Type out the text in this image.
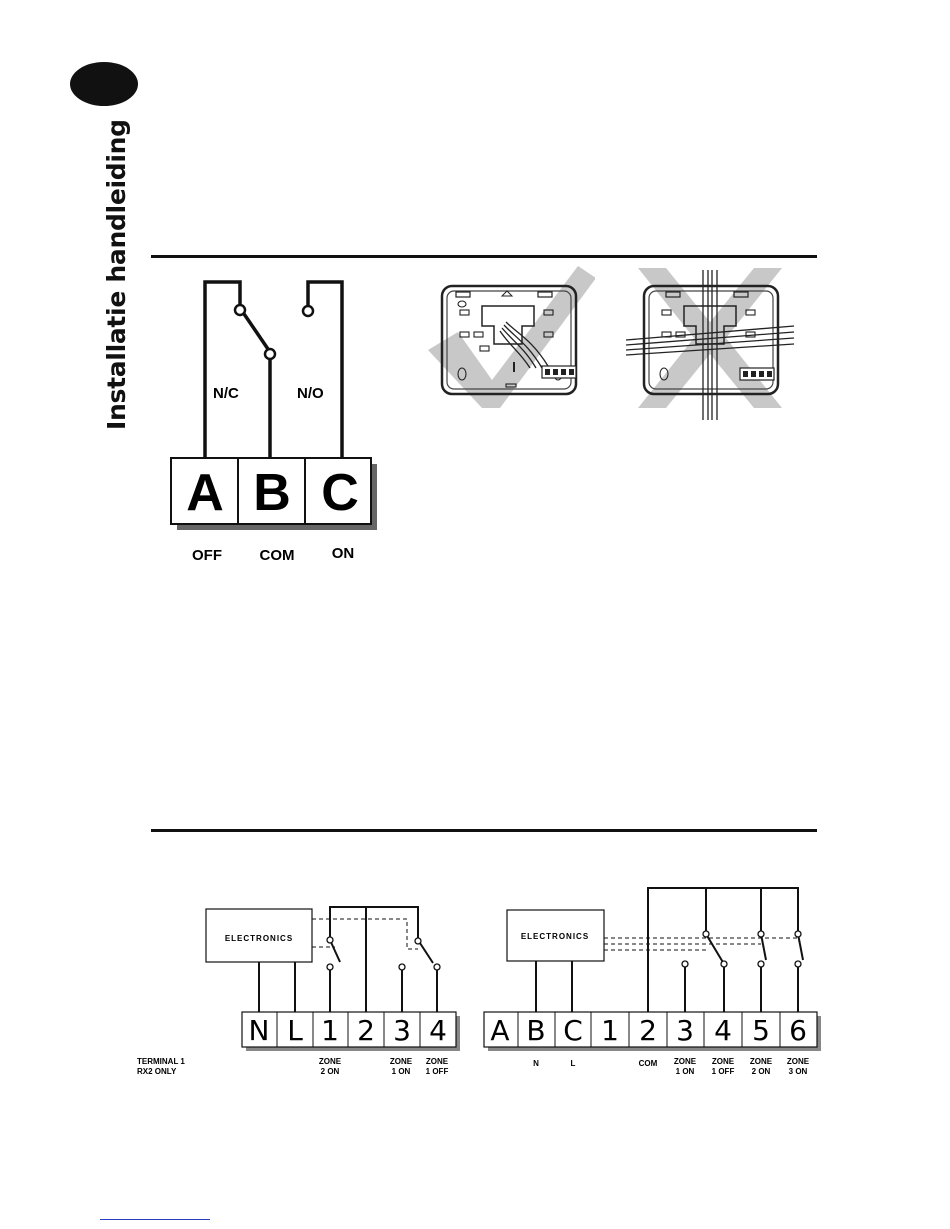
Installatie handleiding	N/C	N/O
A B C
OFF	COM ON
ELECTRONICS
N L 1 2 3 4
TERMINAL 1
RX2 ONLY
ZONE
2 ON
ZONE
1 ON
ZONE
1 OFF
ELECTRONICS
A B C 1 2 3 4 5 6
N	L	COM ZONE
1 ON
ZONE
1 OFF
ZONE
2 ON
ZONE
3 ON
